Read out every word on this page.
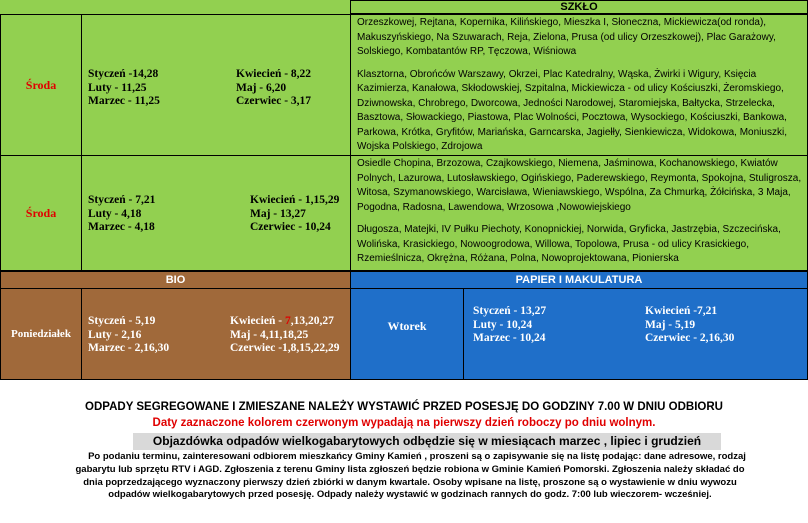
SZKŁO
Środa
Styczeń -14,28
Luty - 11,25
Marzec - 11,25
Kwiecień - 8,22
Maj - 6,20
Czerwiec - 3,17

Orzeszkowej, Rejtana, Kopernika, Kilińskiego, Mieszka I, Słoneczna, Mickiewicza(od ronda), Makuszyńskiego, Na Szuwarach, Reja, Zielona, Prusa (od ulicy Orzeszkowej), Plac Garażowy, Solskiego, Kombatantów RP, Tęczowa, Wiśniowa

Klasztorna, Obrońców Warszawy, Okrzei, Plac Katedralny, Wąska, Żwirki i Wigury, Księcia Kazimierza, Kanałowa, Skłodowskiej, Szpitalna, Mickiewicza - od ulicy Kościuszki, Żeromskiego, Dziwnowska, Chrobrego, Dworcowa, Jedności Narodowej, Staromiejska, Bałtycka, Strzelecka, Basztowa, Słowackiego, Piastowa, Plac Wolności, Pocztowa, Wysockiego, Kościuszki, Bankowa, Parkowa, Krótka, Gryfitów, Mariańska, Garncarska, Jagiełły, Sienkiewicza, Widokowa, Moniuszki, Wojska Polskiego, Zdrojowa

Środa
Styczeń - 7,21
Luty - 4,18
Marzec - 4,18
Kwiecień - 1,15,29
Maj - 13,27
Czerwiec - 10,24

Osiedle Chopina, Brzozowa, Czajkowskiego, Niemena, Jaśminowa, Kochanowskiego, Kwiatów Polnych, Lazurowa, Lutosławskiego, Ogińskiego, Paderewskiego, Reymonta, Spokojna, Stuligrosza, Witosa, Szymanowskiego, Warcisława, Wieniawskiego, Wspólna, Za Chmurką, Żółcińska, 3 Maja, Pogodna, Radosna, Lawendowa, Wrzosowa ,Nowowiejskiego

Długosza, Matejki, IV Pułku Piechoty, Konopnickiej, Norwida, Gryficka, Jastrzębia, Szczecińska, Wolińska, Krasickiego, Nowoogrodowa, Willowa, Topolowa, Prusa - od ulicy Krasickiego, Rzemieślnicza, Okrężna, Różana, Polna, Nowoprojektowana, Pionierska

BIO	PAPIER I MAKULATURA
Poniedziałek
Styczeń - 5,19
Luty - 2,16
Marzec - 2,16,30
Kwiecień - 7,13,20,27
Maj - 4,11,18,25
Czerwiec -1,8,15,22,29
Wtorek
Styczeń - 13,27
Luty - 10,24
Marzec - 10,24
Kwiecień -7,21
Maj - 5,19
Czerwiec - 2,16,30
ODPADY SEGREGOWANE I ZMIESZANE NALEŻY WYSTAWIĆ PRZED POSESJĘ DO GODZINY 7.00 W DNIU ODBIORU
Daty zaznaczone kolorem czerwonym wypadają na pierwszy dzień roboczy po dniu wolnym.
Objazdówka odpadów wielkogabarytowych odbędzie się w miesiącach marzec , lipiec i grudzień
Po podaniu terminu, zainteresowani odbiorem mieszkańcy Gminy Kamień , proszeni są o zapisywanie się na listę podając: dane adresowe, rodzaj gabarytu lub sprzętu RTV i AGD. Zgłoszenia z terenu Gminy lista zgłoszeń będzie robiona w Gminie Kamień Pomorski. Zgłoszenia należy składać do dnia poprzedzającego wyznaczony pierwszy dzień zbiórki w danym kwartale. Osoby wpisane na listę, proszone są o wystawienie w dniu wywozu odpadów wielkogabarytowych przed posesję. Odpady należy wystawić w godzinach rannych do godz. 7:00 lub wieczorem- wcześniej.
